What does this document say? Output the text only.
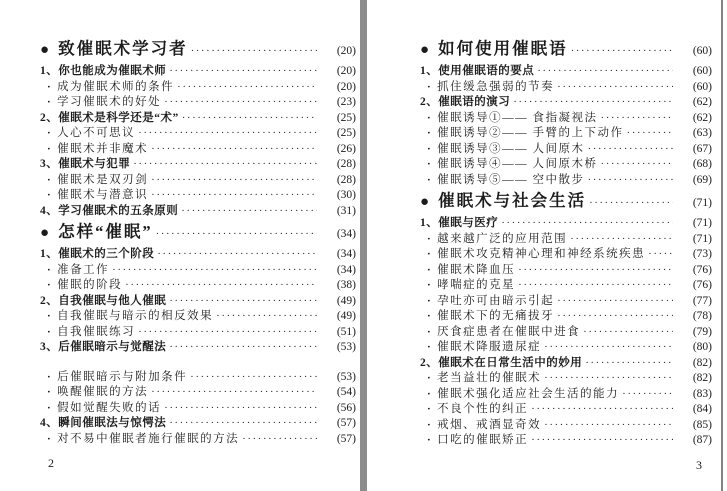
● 致催眠术学习者 ·····	(20)
1、你也能成为催眠术师 ·····	(20)
· 成为催眠术师的条件 ·····	(20)
· 学习催眠术的好处 ·····	(23)
2、催眠术是科学还是“术” ·····	(25)
· 人心不可思议 ·····	(25)
· 催眠术并非魔术 ·····	(26)
3、催眠术与犯罪 ·····	(28)
· 催眠术是双刃剑 ·····	(28)
· 催眠术与潜意识 ·····	(30)
4、学习催眠术的五条原则 ·····	(31)
● 怎样“催眠” ·····	(34)
1、催眠术的三个阶段 ·····	(34)
· 准备工作 ·····	(34)
· 催眠的阶段 ·····	(38)
2、自我催眠与他人催眠 ·····	(49)
· 自我催眠与暗示的相反效果 ·····	(49)
· 自我催眠练习 ·····	(51)
3、后催眠暗示与觉醒法 ·····	(53)
· 后催眠暗示与附加条件 ·····	(53)
· 唤醒催眠的方法 ·····	(54)
· 假如觉醒失败的话 ·····	(56)
4、瞬间催眠法与惊愕法 ·····	(57)
· 对不易中催眠者施行催眠的方法 ·····	(57)
2
● 如何使用催眠语 ·····	(60)
1、使用催眠语的要点 ·····	(60)
· 抓住缓急强弱的节奏 ·····	(60)
2、催眠语的演习 ·····	(62)
· 催眠诱导①—— 食指凝视法 ·····	(62)
· 催眠诱导②—— 手臂的上下动作 ·····	(63)
· 催眠诱导③—— 人间原木 ·····	(67)
· 催眠诱导④—— 人间原木桥 ·····	(68)
· 催眠诱导⑤—— 空中散步 ·····	(69)
● 催眠术与社会生活 ·····	(71)
1、催眠与医疗 ·····	(71)
· 越来越广泛的应用范围 ·····	(71)
· 催眠术攻克精神心理和神经系统疾患 ·····	(73)
· 催眠术降血压 ·····	(76)
· 哮喘症的克星 ·····	(76)
· 孕吐亦可由暗示引起 ·····	(77)
· 催眠术下的无痛拔牙 ·····	(78)
· 厌食症患者在催眠中进食 ·····	(79)
· 催眠术降服遗尿症 ·····	(80)
2、催眠术在日常生活中的妙用 ·····	(82)
· 老当益壮的催眠术 ·····	(82)
· 催眠术强化适应社会生活的能力 ·····	(83)
· 不良个性的纠正 ·····	(84)
· 戒烟、戒酒显奇效 ·····	(85)
· 口吃的催眠矫正 ·····	(87)
3
